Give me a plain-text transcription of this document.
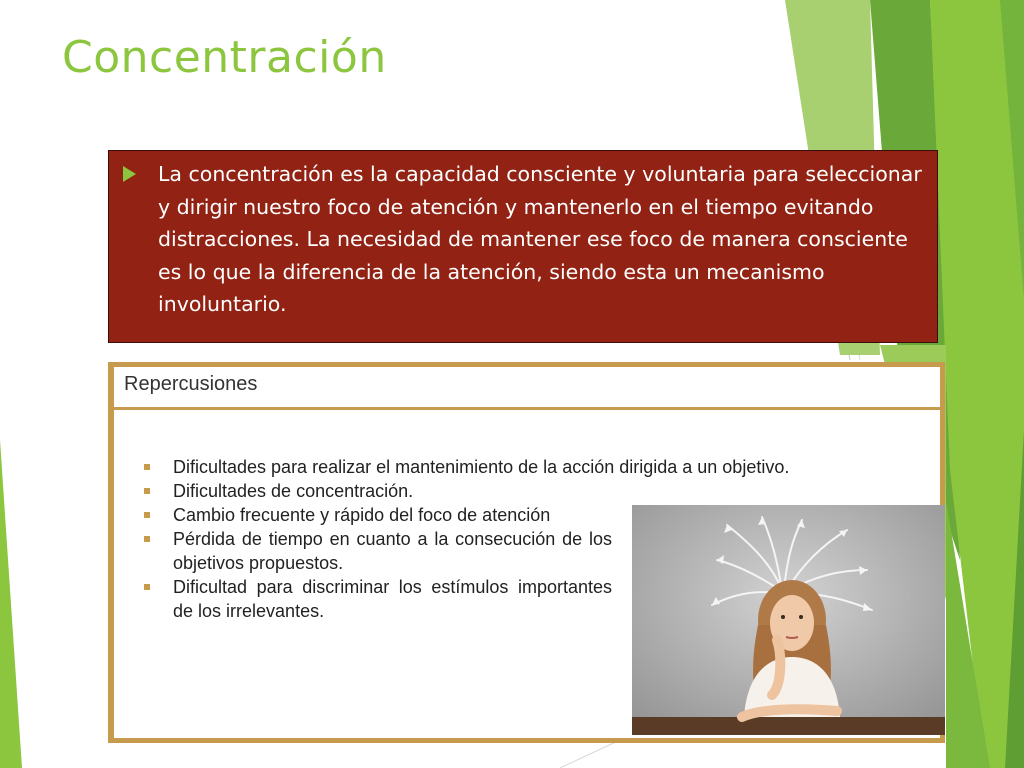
Concentración
La concentración es la capacidad consciente y voluntaria para seleccionar y dirigir nuestro foco de atención y mantenerlo en el tiempo evitando distracciones. La necesidad de mantener ese foco de manera consciente es lo que la diferencia de la atención, siendo esta un mecanismo involuntario.
Repercusiones
Dificultades para realizar el mantenimiento de la acción dirigida a un objetivo.
Dificultades de concentración.
Cambio frecuente y rápido del foco de atención
Pérdida de tiempo en cuanto a la consecución de los objetivos propuestos.
Dificultad para discriminar los estímulos importantes de los irrelevantes.
